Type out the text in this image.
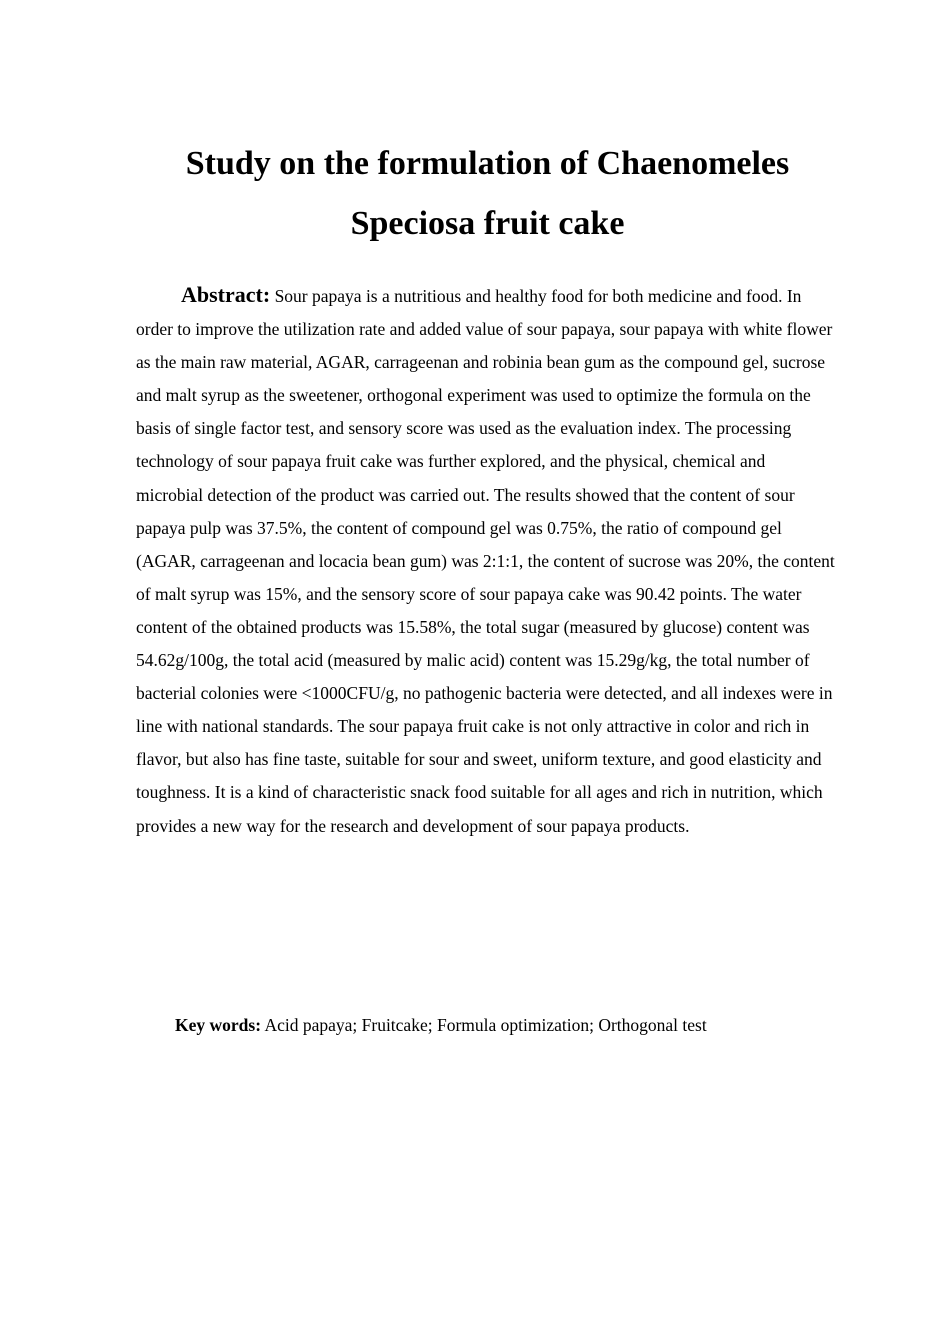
Study on the formulation of Chaenomeles
Speciosa fruit cake

Abstract: Sour papaya is a nutritious and healthy food for both medicine and food. In order to improve the utilization rate and added value of sour papaya, sour papaya with white flower as the main raw material, AGAR, carrageenan and robinia bean gum as the compound gel, sucrose and malt syrup as the sweetener, orthogonal experiment was used to optimize the formula on the basis of single factor test, and sensory score was used as the evaluation index. The processing technology of sour papaya fruit cake was further explored, and the physical, chemical and microbial detection of the product was carried out. The results showed that the content of sour papaya pulp was 37.5%, the content of compound gel was 0.75%, the ratio of compound gel (AGAR, carrageenan and locacia bean gum) was 2:1:1, the content of sucrose was 20%, the content of malt syrup was 15%, and the sensory score of sour papaya cake was 90.42 points. The water content of the obtained products was 15.58%, the total sugar (measured by glucose) content was 54.62g/100g, the total acid (measured by malic acid) content was 15.29g/kg, the total number of bacterial colonies were <1000CFU/g, no pathogenic bacteria were detected, and all indexes were in line with national standards. The sour papaya fruit cake is not only attractive in color and rich in flavor, but also has fine taste, suitable for sour and sweet, uniform texture, and good elasticity and toughness. It is a kind of characteristic snack food suitable for all ages and rich in nutrition, which provides a new way for the research and development of sour papaya products.

Key words: Acid papaya; Fruitcake; Formula optimization; Orthogonal test
